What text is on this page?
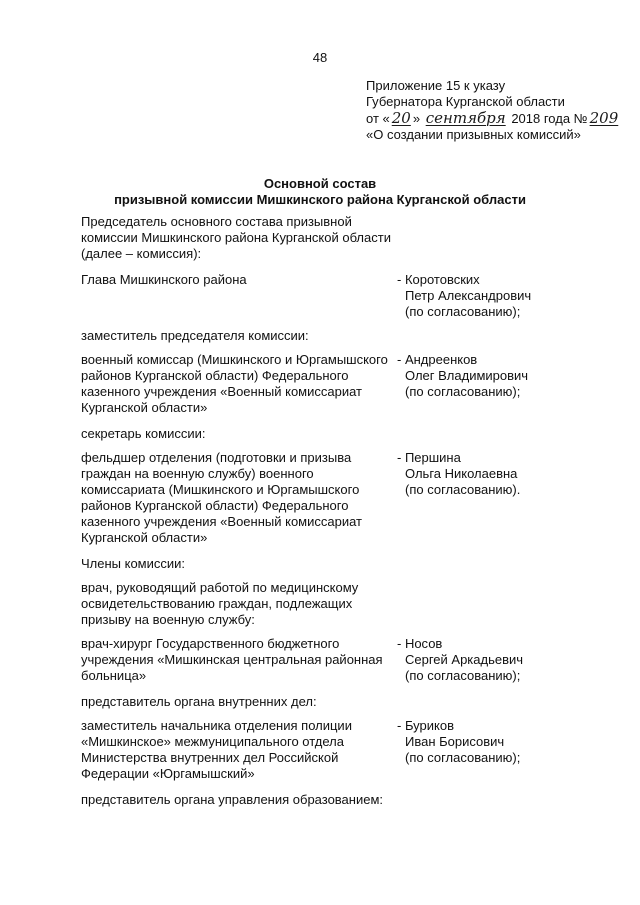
48
Приложение 15 к указу
Губернатора Курганской области
от « 20 » сентября 2018 года № 209
«О создании призывных комиссий»
Основной состав
призывной комиссии Мишкинского района Курганской области
Председатель основного состава призывной
комиссии Мишкинского района Курганской области
(далее – комиссия):
Глава Мишкинского района	- Коротовских
Петр Александрович
(по согласованию);
заместитель председателя комиссии:
военный комиссар (Мишкинского и Юргамышского
районов Курганской области) Федерального
казенного учреждения «Военный комиссариат
Курганской области»
- Андреенков
Олег Владимирович
(по согласованию);
секретарь комиссии:
фельдшер отделения (подготовки и призыва
граждан на военную службу) военного
комиссариата (Мишкинского и Юргамышского
районов Курганской области) Федерального
казенного учреждения «Военный комиссариат
Курганской области»
- Першина
Ольга Николаевна
(по согласованию).
Члены комиссии:
врач, руководящий работой по медицинскому
освидетельствованию граждан, подлежащих
призыву на военную службу:
врач-хирург Государственного бюджетного
учреждения «Мишкинская центральная районная
больница»
- Носов
Сергей Аркадьевич
(по согласованию);
представитель органа внутренних дел:
заместитель начальника отделения полиции
«Мишкинское» межмуниципального отдела
Министерства внутренних дел Российской
Федерации «Юргамышский»
- Буриков
Иван Борисович
(по согласованию);
представитель органа управления образованием:
